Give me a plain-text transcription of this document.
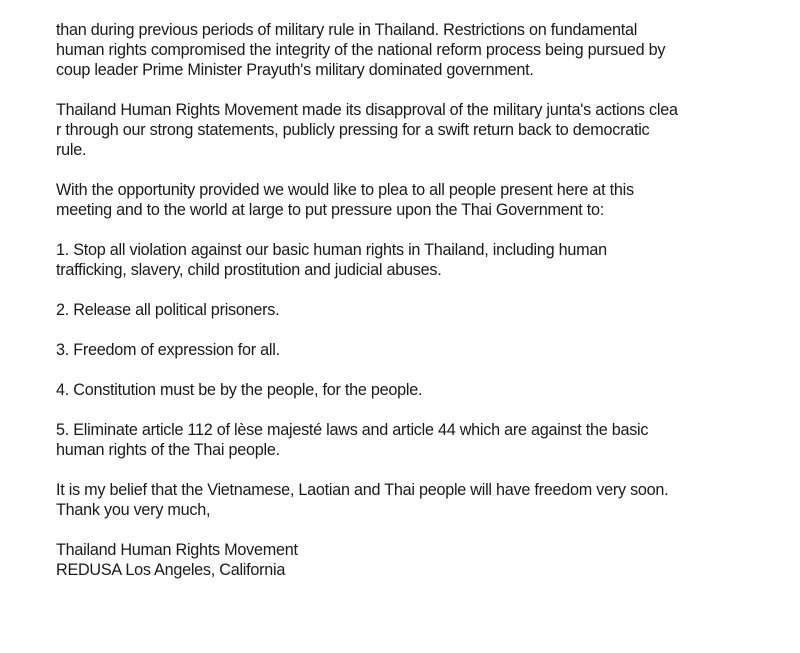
than during previous periods of military rule in Thailand. Restrictions on fundamental
human rights compromised the integrity of the national reform process being pursued by
coup leader Prime Minister Prayuth's military dominated government.

Thailand Human Rights Movement made its disapproval of the military junta's actions clea
r through our strong statements, publicly pressing for a swift return back to democratic
rule.

With the opportunity provided we would like to plea to all people present here at this
meeting and to the world at large to put pressure upon the Thai Government to:

1. Stop all violation against our basic human rights in Thailand, including human
trafficking, slavery, child prostitution and judicial abuses.

2. Release all political prisoners.

3. Freedom of expression for all.

4. Constitution must be by the people, for the people.

5. Eliminate article 112 of lèse majesté laws and article 44 which are against the basic
human rights of the Thai people.

It is my belief that the Vietnamese, Laotian and Thai people will have freedom very soon.
Thank you very much,

Thailand Human Rights Movement
REDUSA Los Angeles, California
